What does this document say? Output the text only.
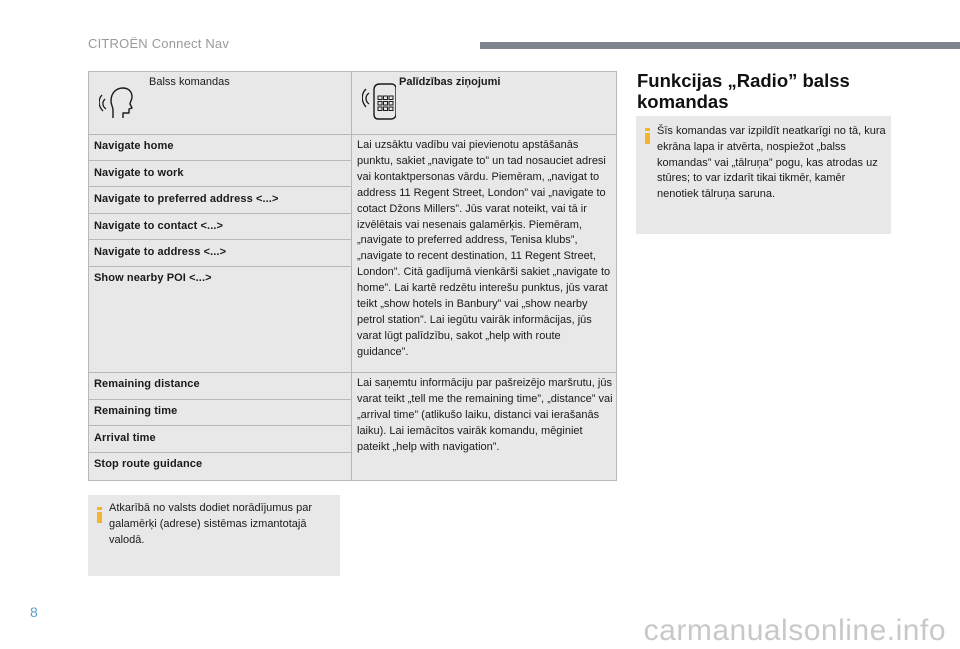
CITROËN Connect Nav
Balss komandas	Palīdzības ziņojumi
Navigate home
Navigate to work
Navigate to preferred address <...>
Navigate to contact <...>
Navigate to address <...>
Show nearby POI <...>
Lai uzsāktu vadību vai pievienotu apstāšanās punktu, sakiet „navigate to” un tad nosauciet adresi vai kontaktpersonas vārdu. Piemēram, „navigat to address 11 Regent Street, London” vai „navigate to cotact Džons Millers”. Jūs varat noteikt, vai tā ir izvēlētais vai nesenais galamērķis. Piemēram, „navigate to preferred address, Tenisa klubs”, „navigate to recent destination, 11 Regent Street, London”. Citā gadījumā vienkārši sakiet „navigate to home”. Lai kartē redzētu interešu punktus, jūs varat teikt „show hotels in Banbury” vai „show nearby petrol station”. Lai iegūtu vairāk informācijas, jūs varat lūgt palīdzību, sakot „help with route guidance”.
Remaining distance
Remaining time
Arrival time
Stop route guidance
Lai saņemtu informāciju par pašreizējo maršrutu, jūs varat teikt „tell me the remaining time”, „distance” vai „arrival time” (atlikušo laiku, distanci vai ierašanās laiku). Lai iemācītos vairāk komandu, mēginiet pateikt „help with navigation”.
Atkarībā no valsts dodiet norādījumus par galamērķi (adrese) sistēmas izmantotajā valodā.
Funkcijas „Radio” balss komandas
Šīs komandas var izpildīt neatkarīgi no tā, kura ekrāna lapa ir atvērta, nospiežot „balss komandas” vai „tālruņa” pogu, kas atrodas uz stūres; to var izdarīt tikai tikmēr, kamēr nenotiek tālruņa saruna.
8
carmanualsonline.info
